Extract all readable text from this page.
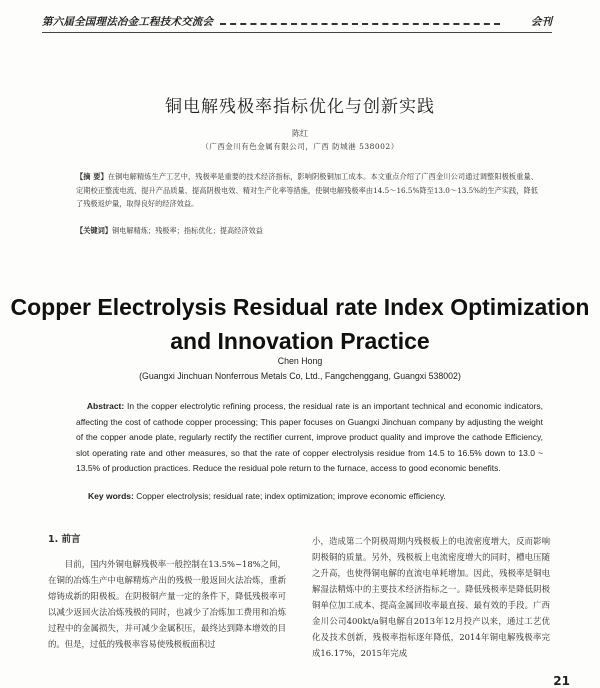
第六届全国理法冶金工程技术交流会	会刊
铜电解残极率指标优化与创新实践
陈红
（广西金川有色金属有限公司，广西 防城港 538002）
【摘 要】在铜电解精炼生产工艺中，残极率是重要的技术经济指标，影响阴极铜加工成本。本文重点介绍了广西金川公司通过调整阳极板重量、定期校正整流电流、提升产品质量、提高阴极电效、精对生产化率等措施，使铜电解残极率由14.5～16.5%降至13.0～13.5%的生产实践，降低了残极返炉量，取得良好的经济效益。
【关键词】铜电解精炼；残极率；指标优化；提高经济效益
Copper Electrolysis Residual rate Index Optimization and Innovation Practice
Chen Hong
(Guangxi Jinchuan Nonferrous Metals Co, Ltd., Fangchenggang, Guangxi 538002)
Abstract: In the copper electrolytic refining process, the residual rate is an important technical and economic indicators, affecting the cost of cathode copper processing; This paper focuses on Guangxi Jinchuan company by adjusting the weight of the copper anode plate, regularly rectify the rectifier current, improve product quality and improve the cathode Efficiency, slot operating rate and other measures, so that the rate of copper electrolysis residue from 14.5 to 16.5% down to 13.0 ~ 13.5% of production practices. Reduce the residual pole return to the furnace, access to good economic benefits.
Key words: Copper electrolysis; residual rate; index optimization; improve economic efficiency.
1. 前言
目前，国内外铜电解残极率一般控制在13.5%~18%之间，在铜的冶炼生产中电解精炼产出的残极一般返回火法冶炼，重新熔铸成新的阳极板。在阴极铜产量一定的条件下，降低残极率可以减少返回火法冶炼残极的同时，也减少了冶炼加工费用和冶炼过程中的金属损失，并可减少金属积压，最终达到降本增效的目的。但是，过低的残极率容易使残极板面积过
小，造成第二个阴极周期内残极板上的电流密度增大，反而影响阴极铜的质量。另外，残极板上电流密度增大的同时，槽电压随之升高，也使得铜电解的直流电单耗增加。因此，残极率是铜电解湿法精炼中的主要技术经济指标之一。降低残极率是降低阴极铜单位加工成本、提高金属回收率最直接、最有效的手段。广西金川公司400kt/a铜电解自2013年12月投产以来，通过工艺优化及技术创新，残极率指标逐年降低，2014年铜电解残极率完成16.17%，2015年完成
21
